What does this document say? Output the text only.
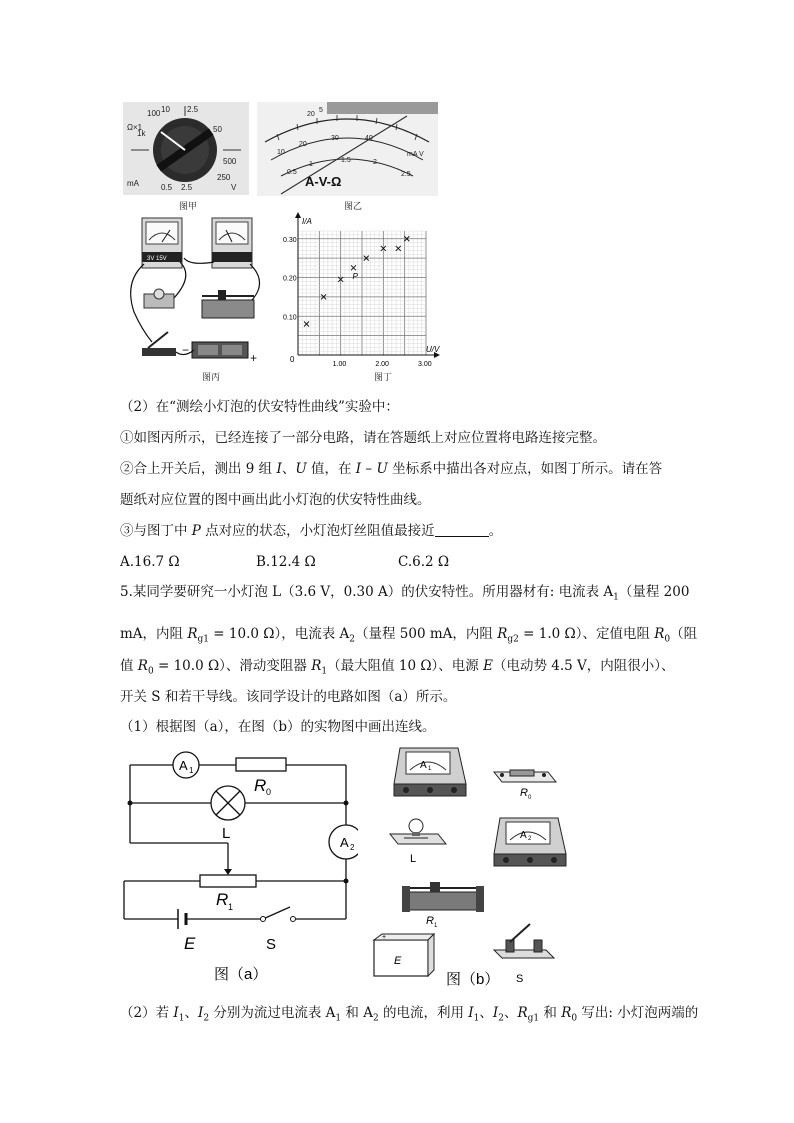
100 10
1k
Ω×1
mA
2.5
50
500
250
V
0.5 2.5
图甲
20
5
10
20
30	40
0.5
1
1.5	2
2.5
mA V
A-V-Ω
图乙
3V 15V
−
+
图丙
I/A
U/V
0
0.10
0.20
0.30
1.00	2.00	3.00
P
图丁
（2）在“测绘小灯泡的伏安特性曲线”实验中：
①如图丙所示，已经连接了一部分电路，请在答题纸上对应位置将电路连接完整。
②合上开关后，测出 9 组 I、U 值，在 I – U 坐标系中描出各对应点，如图丁所示。请在答
题纸对应位置的图中画出此小灯泡的伏安特性曲线。
③与图丁中 P 点对应的状态，小灯泡灯丝阻值最接近	。
A.16.7 Ω	B.12.4 Ω	C.6.2 Ω
5.某同学要研究一小灯泡 L（3.6 V，0.30 A）的伏安特性。所用器材有: 电流表 $A_1$（量程 200
mA，内阻 $R_{g1} = 10.0$ Ω），电流表 $A_2$（量程 500 mA，内阻 $R_{g2} = 1.0$ Ω）、定值电阻 $R_0$（阻
值 $R_0 = 10.0$ Ω）、滑动变阻器 $R_1$（最大阻值 10 Ω）、电源 E（电动势 4.5 V，内阻很小）、
开关 S 和若干导线。该同学设计的电路如图（a）所示。
（1）根据图（a），在图（b）的实物图中画出连线。
A 1
A 2
R 0
L
R 1
E	S
图（a）
A 1
R 0
L
A 2
R 1
+
E
S
图（b）
（2）若 $I_1$、$I_2$ 分别为流过电流表 $A_1$ 和 $A_2$ 的电流，利用 $I_1$、$I_2$、$R_{g1}$ 和 $R_0$ 写出: 小灯泡两端的
